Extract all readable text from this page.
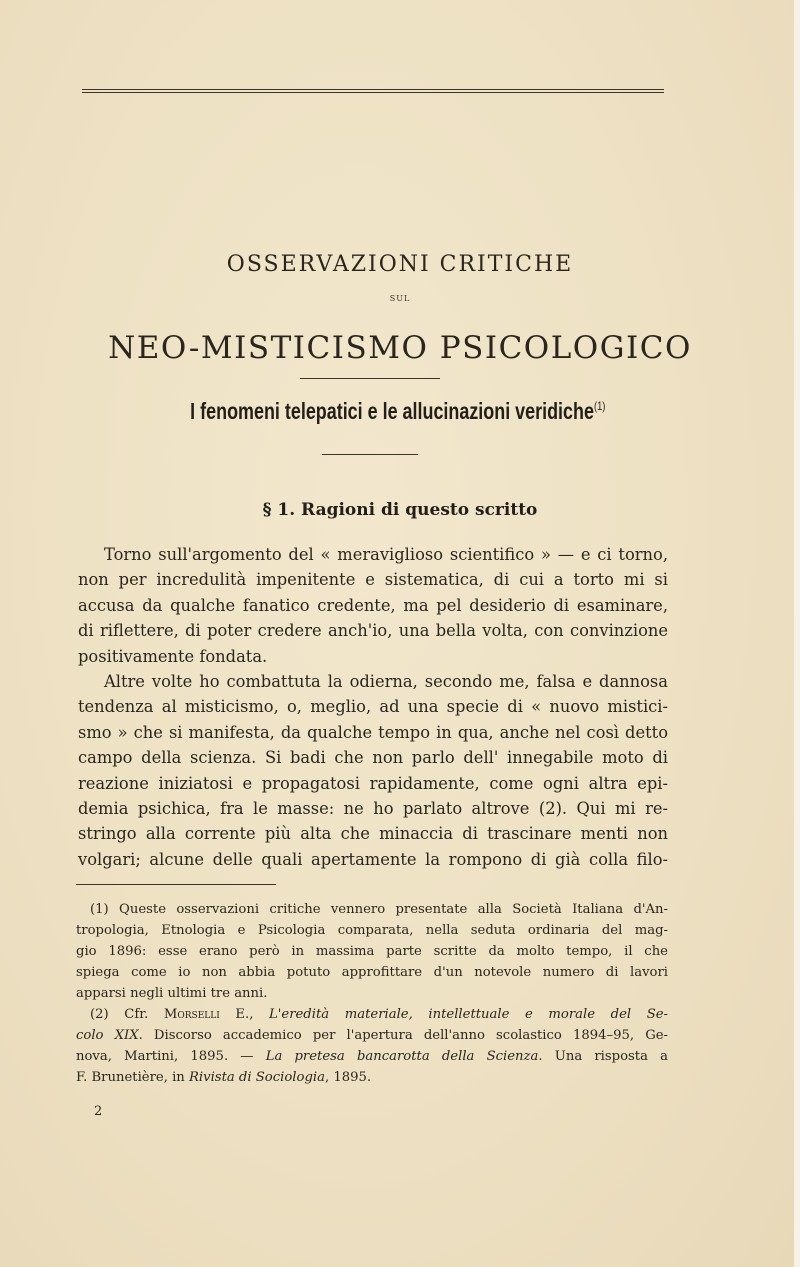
OSSERVAZIONI CRITICHE
SUL
NEO-MISTICISMO PSICOLOGICO
I fenomeni telepatici e le allucinazioni veridiche$^{(1)}$
§ 1. Ragioni di questo scritto
Torno sull'argomento del « meraviglioso scientifico » — e ci torno,
non per incredulità impenitente e sistematica, di cui a torto mi si
accusa da qualche fanatico credente, ma pel desiderio di esaminare,
di riflettere, di poter credere anch'io, una bella volta, con convinzione
positivamente fondata.
Altre volte ho combattuta la odierna, secondo me, falsa e dannosa
tendenza al misticismo, o, meglio, ad una specie di « nuovo mistici-
smo » che si manifesta, da qualche tempo in qua, anche nel così detto
campo della scienza. Si badi che non parlo dell' innegabile moto di
reazione iniziatosi e propagatosi rapidamente, come ogni altra epi-
demia psichica, fra le masse: ne ho parlato altrove (2). Qui mi re-
stringo alla corrente più alta che minaccia di trascinare menti non
volgari; alcune delle quali apertamente la rompono di già colla filo-
(1) Queste osservazioni critiche vennero presentate alla Società Italiana d'An-
tropologia, Etnologia e Psicologia comparata, nella seduta ordinaria del mag-
gio 1896: esse erano però in massima parte scritte da molto tempo, il che
spiega come io non abbia potuto approfittare d'un notevole numero di lavori
apparsi negli ultimi tre anni.
(2) Cfr. Morselli E., L'eredità materiale, intellettuale e morale del Se-
colo XIX. Discorso accademico per l'apertura dell'anno scolastico 1894–95, Ge-
nova, Martini, 1895. — La pretesa bancarotta della Scienza. Una risposta a
F. Brunetière, in Rivista di Sociologia, 1895.
2
